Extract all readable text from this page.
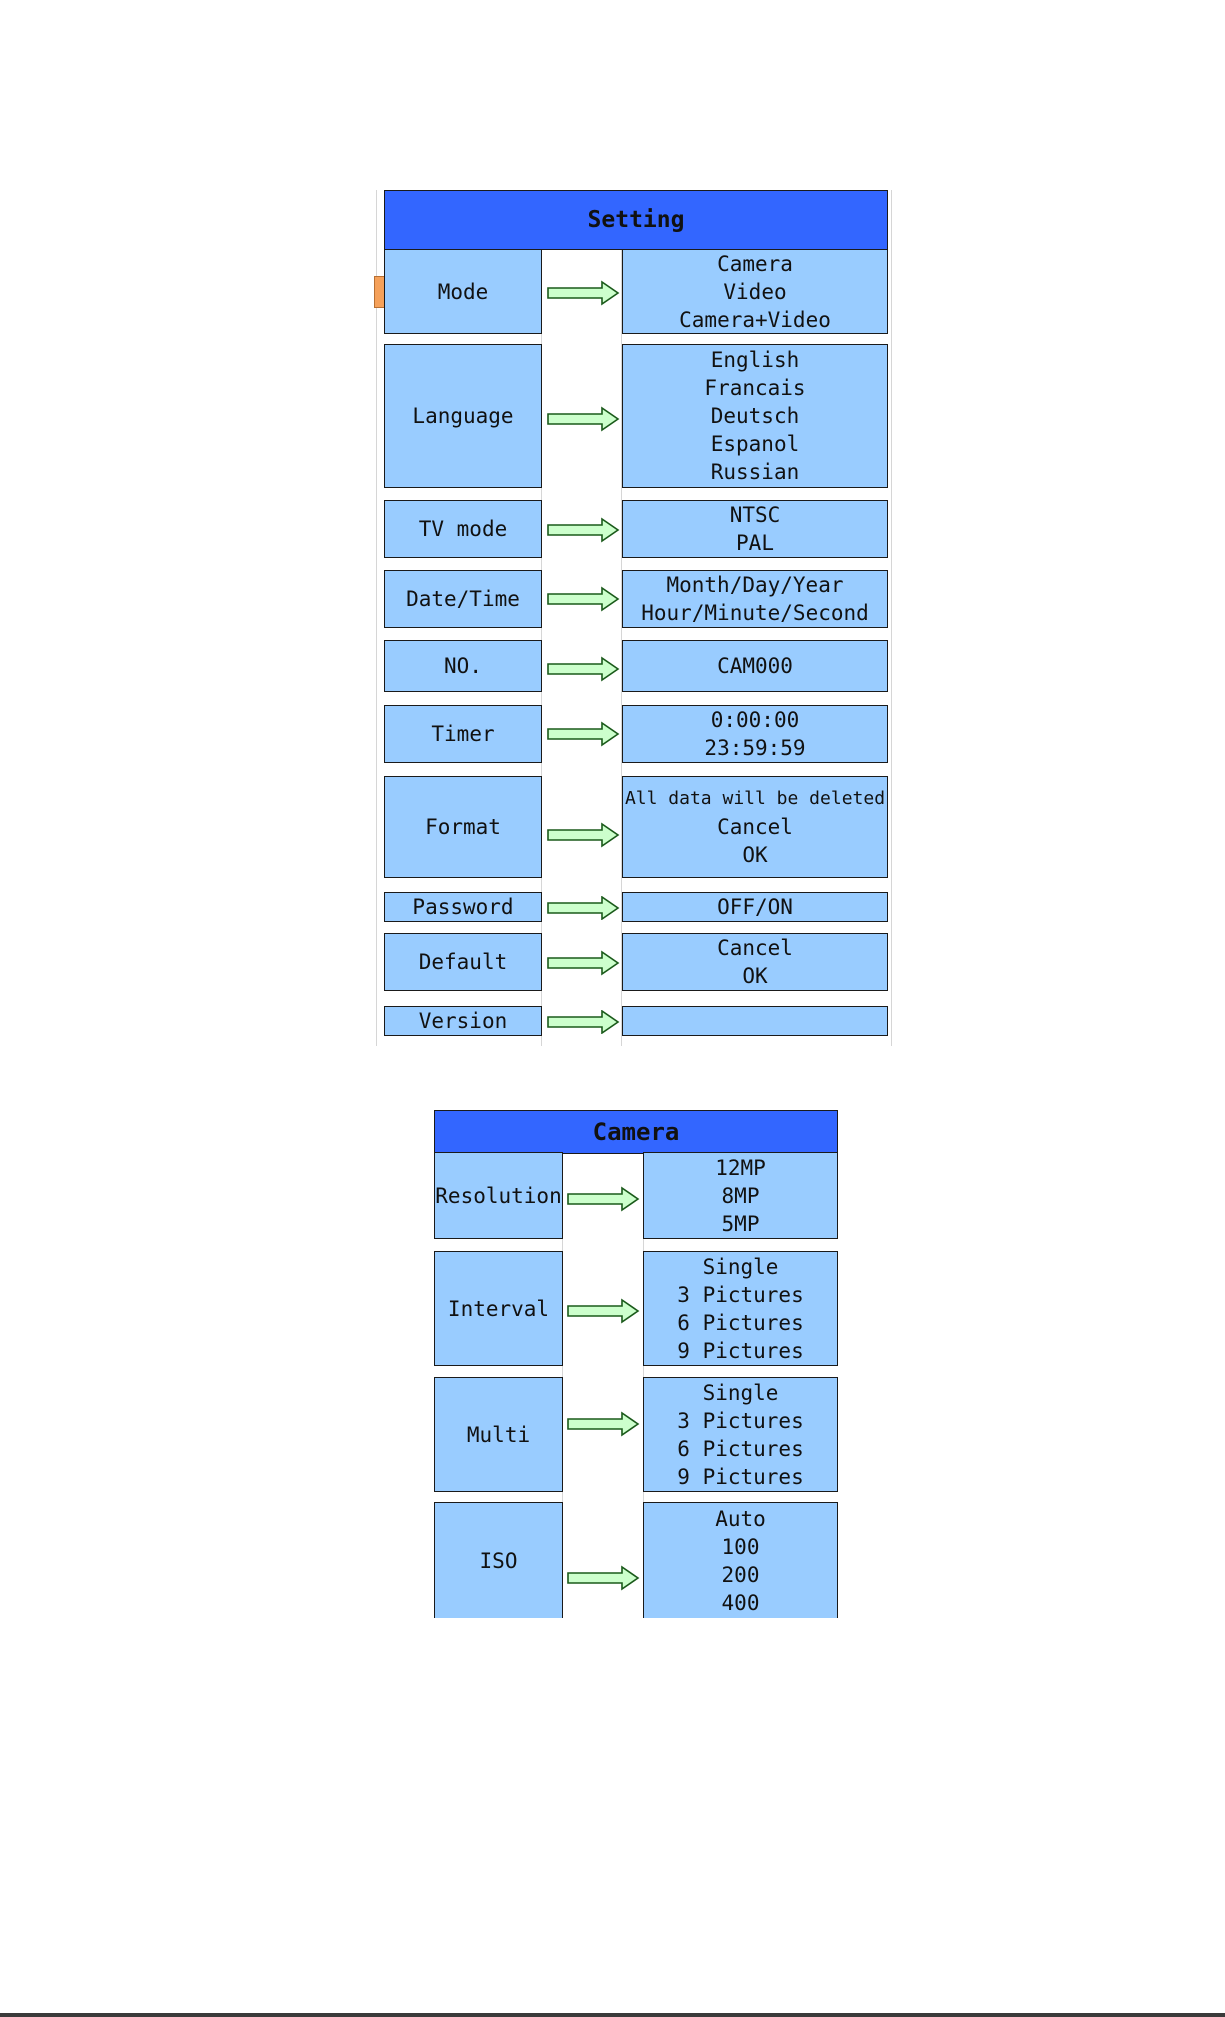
Setting
Mode
Camera
Video
Camera+Video
Language
English
Francais
Deutsch
Espanol
Russian
TV mode
NTSC
PAL
Date/Time
Month/Day/Year
Hour/Minute/Second
NO.	CAM000
Timer
0:00:00
23:59:59
Format
All data will be deleted
Cancel
OK
Password	OFF/ON
Default
Cancel
OK
Version
Camera
Resolution
12MP
8MP
5MP
Interval
Single
3 Pictures
6 Pictures
9 Pictures
Multi
Single
3 Pictures
6 Pictures
9 Pictures
ISO
Auto
100
200
400
